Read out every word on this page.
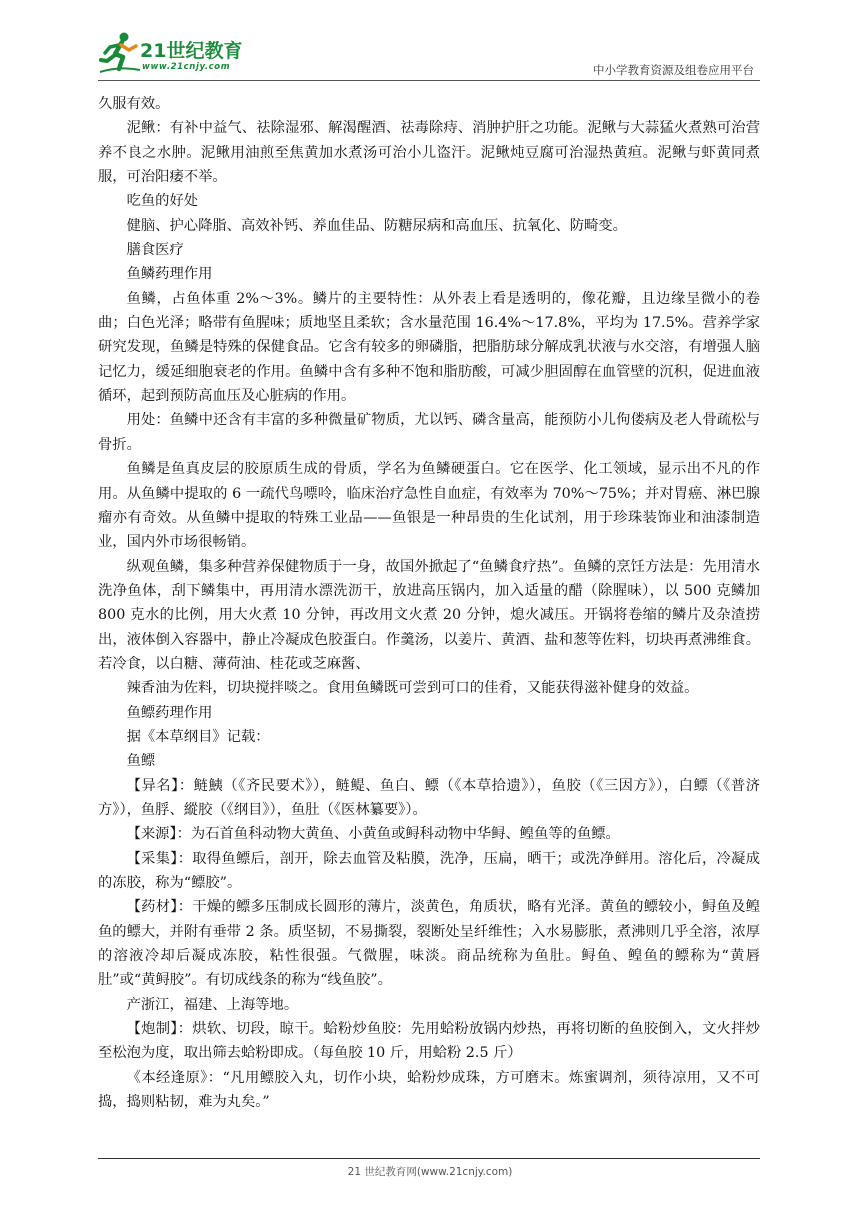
21世纪教育
www.21cnjy.com	中小学教育资源及组卷应用平台

久服有效。

泥鳅：有补中益气、祛除湿邪、解渴醒酒、祛毒除痔、消肿护肝之功能。泥鳅与大蒜猛火煮熟可治营养不良之水肿。泥鳅用油煎至焦黄加水煮汤可治小儿盗汗。泥鳅炖豆腐可治湿热黄疸。泥鳅与虾黄同煮服，可治阳痿不举。

吃鱼的好处

健脑、护心降脂、高效补钙、养血佳品、防糖尿病和高血压、抗氧化、防畸变。

膳食医疗

鱼鳞药理作用

鱼鳞，占鱼体重 2%～3%。鳞片的主要特性：从外表上看是透明的，像花瓣，且边缘呈微小的卷曲；白色光泽；略带有鱼腥味；质地坚且柔软；含水量范围 16.4%～17.8%，平均为 17.5%。营养学家研究发现，鱼鳞是特殊的保健食品。它含有较多的卵磷脂，把脂肪球分解成乳状液与水交溶，有增强人脑记忆力，缓延细胞衰老的作用。鱼鳞中含有多种不饱和脂肪酸，可减少胆固醇在血管壁的沉积，促进血液循环，起到预防高血压及心脏病的作用。

用处：鱼鳞中还含有丰富的多种微量矿物质，尤以钙、磷含量高，能预防小儿佝偻病及老人骨疏松与骨折。

鱼鳞是鱼真皮层的胶原质生成的骨质，学名为鱼鳞硬蛋白。它在医学、化工领域，显示出不凡的作用。从鱼鳞中提取的 6 一疏代鸟嘌呤，临床治疗急性自血症，有效率为 70%～75%；并对胃癌、淋巴腺瘤亦有奇效。从鱼鳞中提取的特殊工业品——鱼银是一种昂贵的生化试剂，用于珍珠装饰业和油漆制造业，国内外市场很畅销。

纵观鱼鳞，集多种营养保健物质于一身，故国外掀起了“鱼鳞食疗热”。鱼鳞的烹饪方法是：先用清水洗净鱼体，刮下鳞集中，再用清水漂洗沥干，放进高压锅内，加入适量的醋（除腥味），以 500 克鳞加 800 克水的比例，用大火煮 10 分钟，再改用文火煮 20 分钟，熄火减压。开锅将卷缩的鳞片及杂渣捞出，液体倒入容器中，静止冷凝成色胶蛋白。作羹汤，以姜片、黄酒、盐和葱等佐料，切块再煮沸维食。若冷食，以白糖、薄荷油、桂花或芝麻酱、

辣香油为佐料，切块搅拌啖之。食用鱼鳞既可尝到可口的佳肴，又能获得滋补健身的效益。

鱼鳔药理作用

据《本草纲目》记载：

鱼鳔

【异名】：鲢鮧（《齐民要术》），鲢鳀、鱼白、鳔（《本草拾遗》），鱼胶（《三因方》），白鳔（《普济方》），鱼脬、縱胶（《纲目》），鱼肚（《医林纂要》）。

【来源】：为石首鱼科动物大黄鱼、小黄鱼或鲟科动物中华鲟、鳇鱼等的鱼鳔。

【采集】：取得鱼鳔后，剖开，除去血管及粘膜，洗净，压扁，晒干；或洗净鲜用。溶化后，冷凝成的冻胶，称为“鳔胶”。

【药材】：干燥的鳔多压制成长圆形的薄片，淡黄色，角质状，略有光泽。黄鱼的鳔较小，鲟鱼及鳇鱼的鳔大，并附有垂带 2 条。质坚韧，不易撕裂，裂断处呈纤维性；入水易膨胀，煮沸则几乎全溶，浓厚的溶液冷却后凝成冻胶，粘性很强。气微腥，味淡。商品统称为鱼肚。鲟鱼、鳇鱼的鳔称为“黄唇肚”或“黄鲟胶”。有切成线条的称为“线鱼胶”。

产浙江，福建、上海等地。

【炮制】：烘软、切段，晾干。蛤粉炒鱼胶：先用蛤粉放锅内炒热，再将切断的鱼胶倒入，文火拌炒至松泡为度，取出筛去蛤粉即成。（每鱼胶 10 斤，用蛤粉 2.5 斤）

《本经逢原》：“凡用鳔胶入丸，切作小块，蛤粉炒成珠，方可磨末。炼蜜调剂，须待凉用，又不可捣，捣则粘韧，难为丸矣。”

21 世纪教育网(www.21cnjy.com)
